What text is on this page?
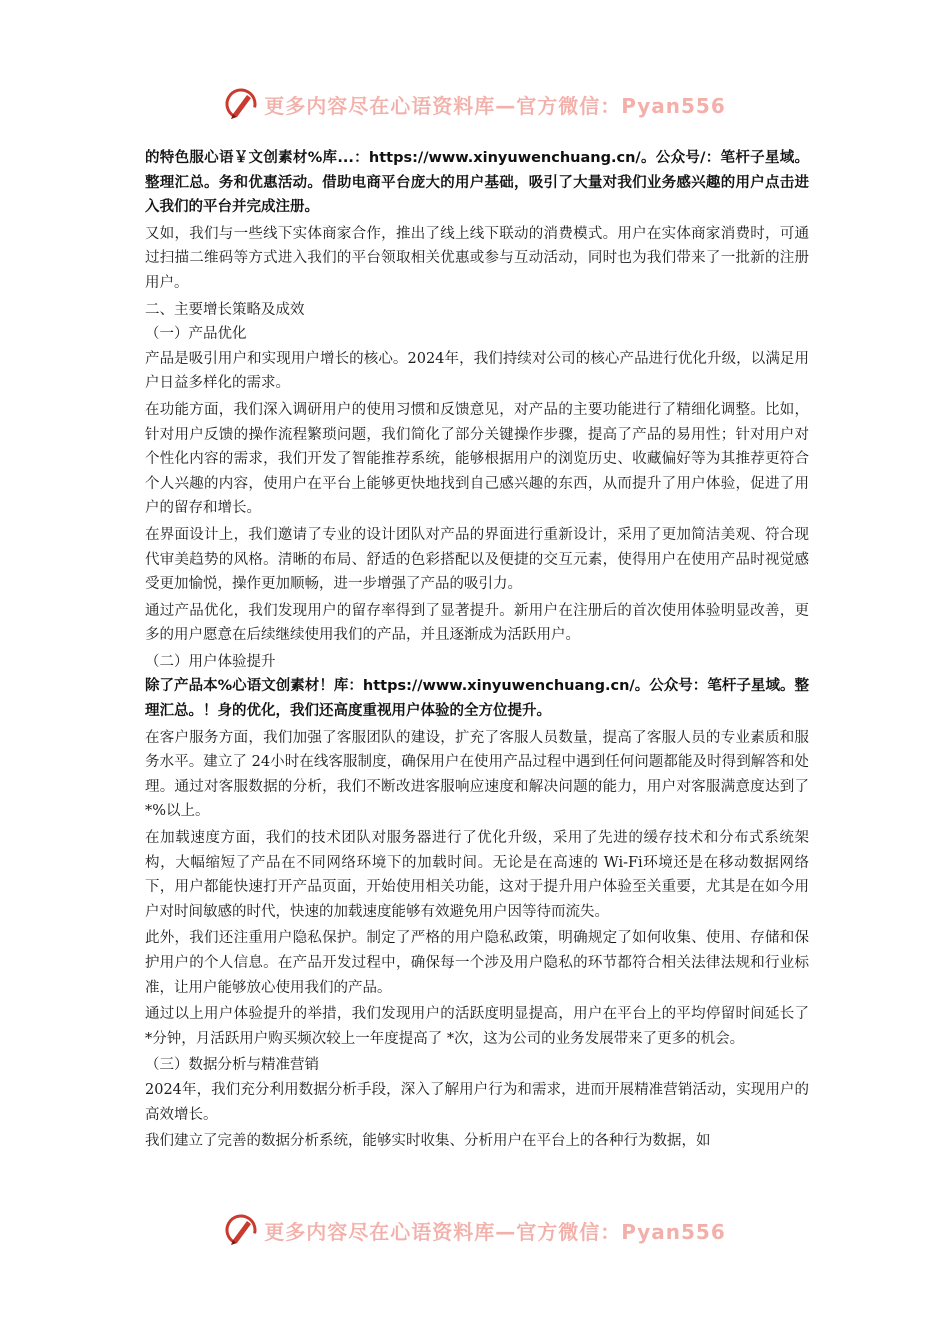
更多内容尽在心语资料库—官方微信：Pyan556

的特色服心语￥文创素材%库...：https://www.xinyuwenchuang.cn/。公众号/：笔杆子星域。整理汇总。务和优惠活动。借助电商平台庞大的用户基础，吸引了大量对我们业务感兴趣的用户点击进入我们的平台并完成注册。

又如，我们与一些线下实体商家合作，推出了线上线下联动的消费模式。用户在实体商家消费时，可通过扫描二维码等方式进入我们的平台领取相关优惠或参与互动活动，同时也为我们带来了一批新的注册用户。

二、主要增长策略及成效

（一）产品优化

产品是吸引用户和实现用户增长的核心。2024年，我们持续对公司的核心产品进行优化升级，以满足用户日益多样化的需求。

在功能方面，我们深入调研用户的使用习惯和反馈意见，对产品的主要功能进行了精细化调整。比如，针对用户反馈的操作流程繁琐问题，我们简化了部分关键操作步骤，提高了产品的易用性；针对用户对个性化内容的需求，我们开发了智能推荐系统，能够根据用户的浏览历史、收藏偏好等为其推荐更符合个人兴趣的内容，使用户在平台上能够更快地找到自己感兴趣的东西，从而提升了用户体验，促进了用户的留存和增长。

在界面设计上，我们邀请了专业的设计团队对产品的界面进行重新设计，采用了更加简洁美观、符合现代审美趋势的风格。清晰的布局、舒适的色彩搭配以及便捷的交互元素，使得用户在使用产品时视觉感受更加愉悦，操作更加顺畅，进一步增强了产品的吸引力。

通过产品优化，我们发现用户的留存率得到了显著提升。新用户在注册后的首次使用体验明显改善，更多的用户愿意在后续继续使用我们的产品，并且逐渐成为活跃用户。

（二）用户体验提升

除了产品本%心语文创素材！库：https://www.xinyuwenchuang.cn/。公众号：笔杆子星域。整理汇总。！身的优化，我们还高度重视用户体验的全方位提升。

在客户服务方面，我们加强了客服团队的建设，扩充了客服人员数量，提高了客服人员的专业素质和服务水平。建立了 24小时在线客服制度，确保用户在使用产品过程中遇到任何问题都能及时得到解答和处理。通过对客服数据的分析，我们不断改进客服响应速度和解决问题的能力，用户对客服满意度达到了 *%以上。

在加载速度方面，我们的技术团队对服务器进行了优化升级，采用了先进的缓存技术和分布式系统架构，大幅缩短了产品在不同网络环境下的加载时间。无论是在高速的 Wi-Fi环境还是在移动数据网络下，用户都能快速打开产品页面，开始使用相关功能，这对于提升用户体验至关重要，尤其是在如今用户对时间敏感的时代，快速的加载速度能够有效避免用户因等待而流失。

此外，我们还注重用户隐私保护。制定了严格的用户隐私政策，明确规定了如何收集、使用、存储和保护用户的个人信息。在产品开发过程中，确保每一个涉及用户隐私的环节都符合相关法律法规和行业标准，让用户能够放心使用我们的产品。

通过以上用户体验提升的举措，我们发现用户的活跃度明显提高，用户在平台上的平均停留时间延长了 *分钟，月活跃用户购买频次较上一年度提高了 *次，这为公司的业务发展带来了更多的机会。

（三）数据分析与精准营销

2024年，我们充分利用数据分析手段，深入了解用户行为和需求，进而开展精准营销活动，实现用户的高效增长。

我们建立了完善的数据分析系统，能够实时收集、分析用户在平台上的各种行为数据，如

更多内容尽在心语资料库—官方微信：Pyan556
